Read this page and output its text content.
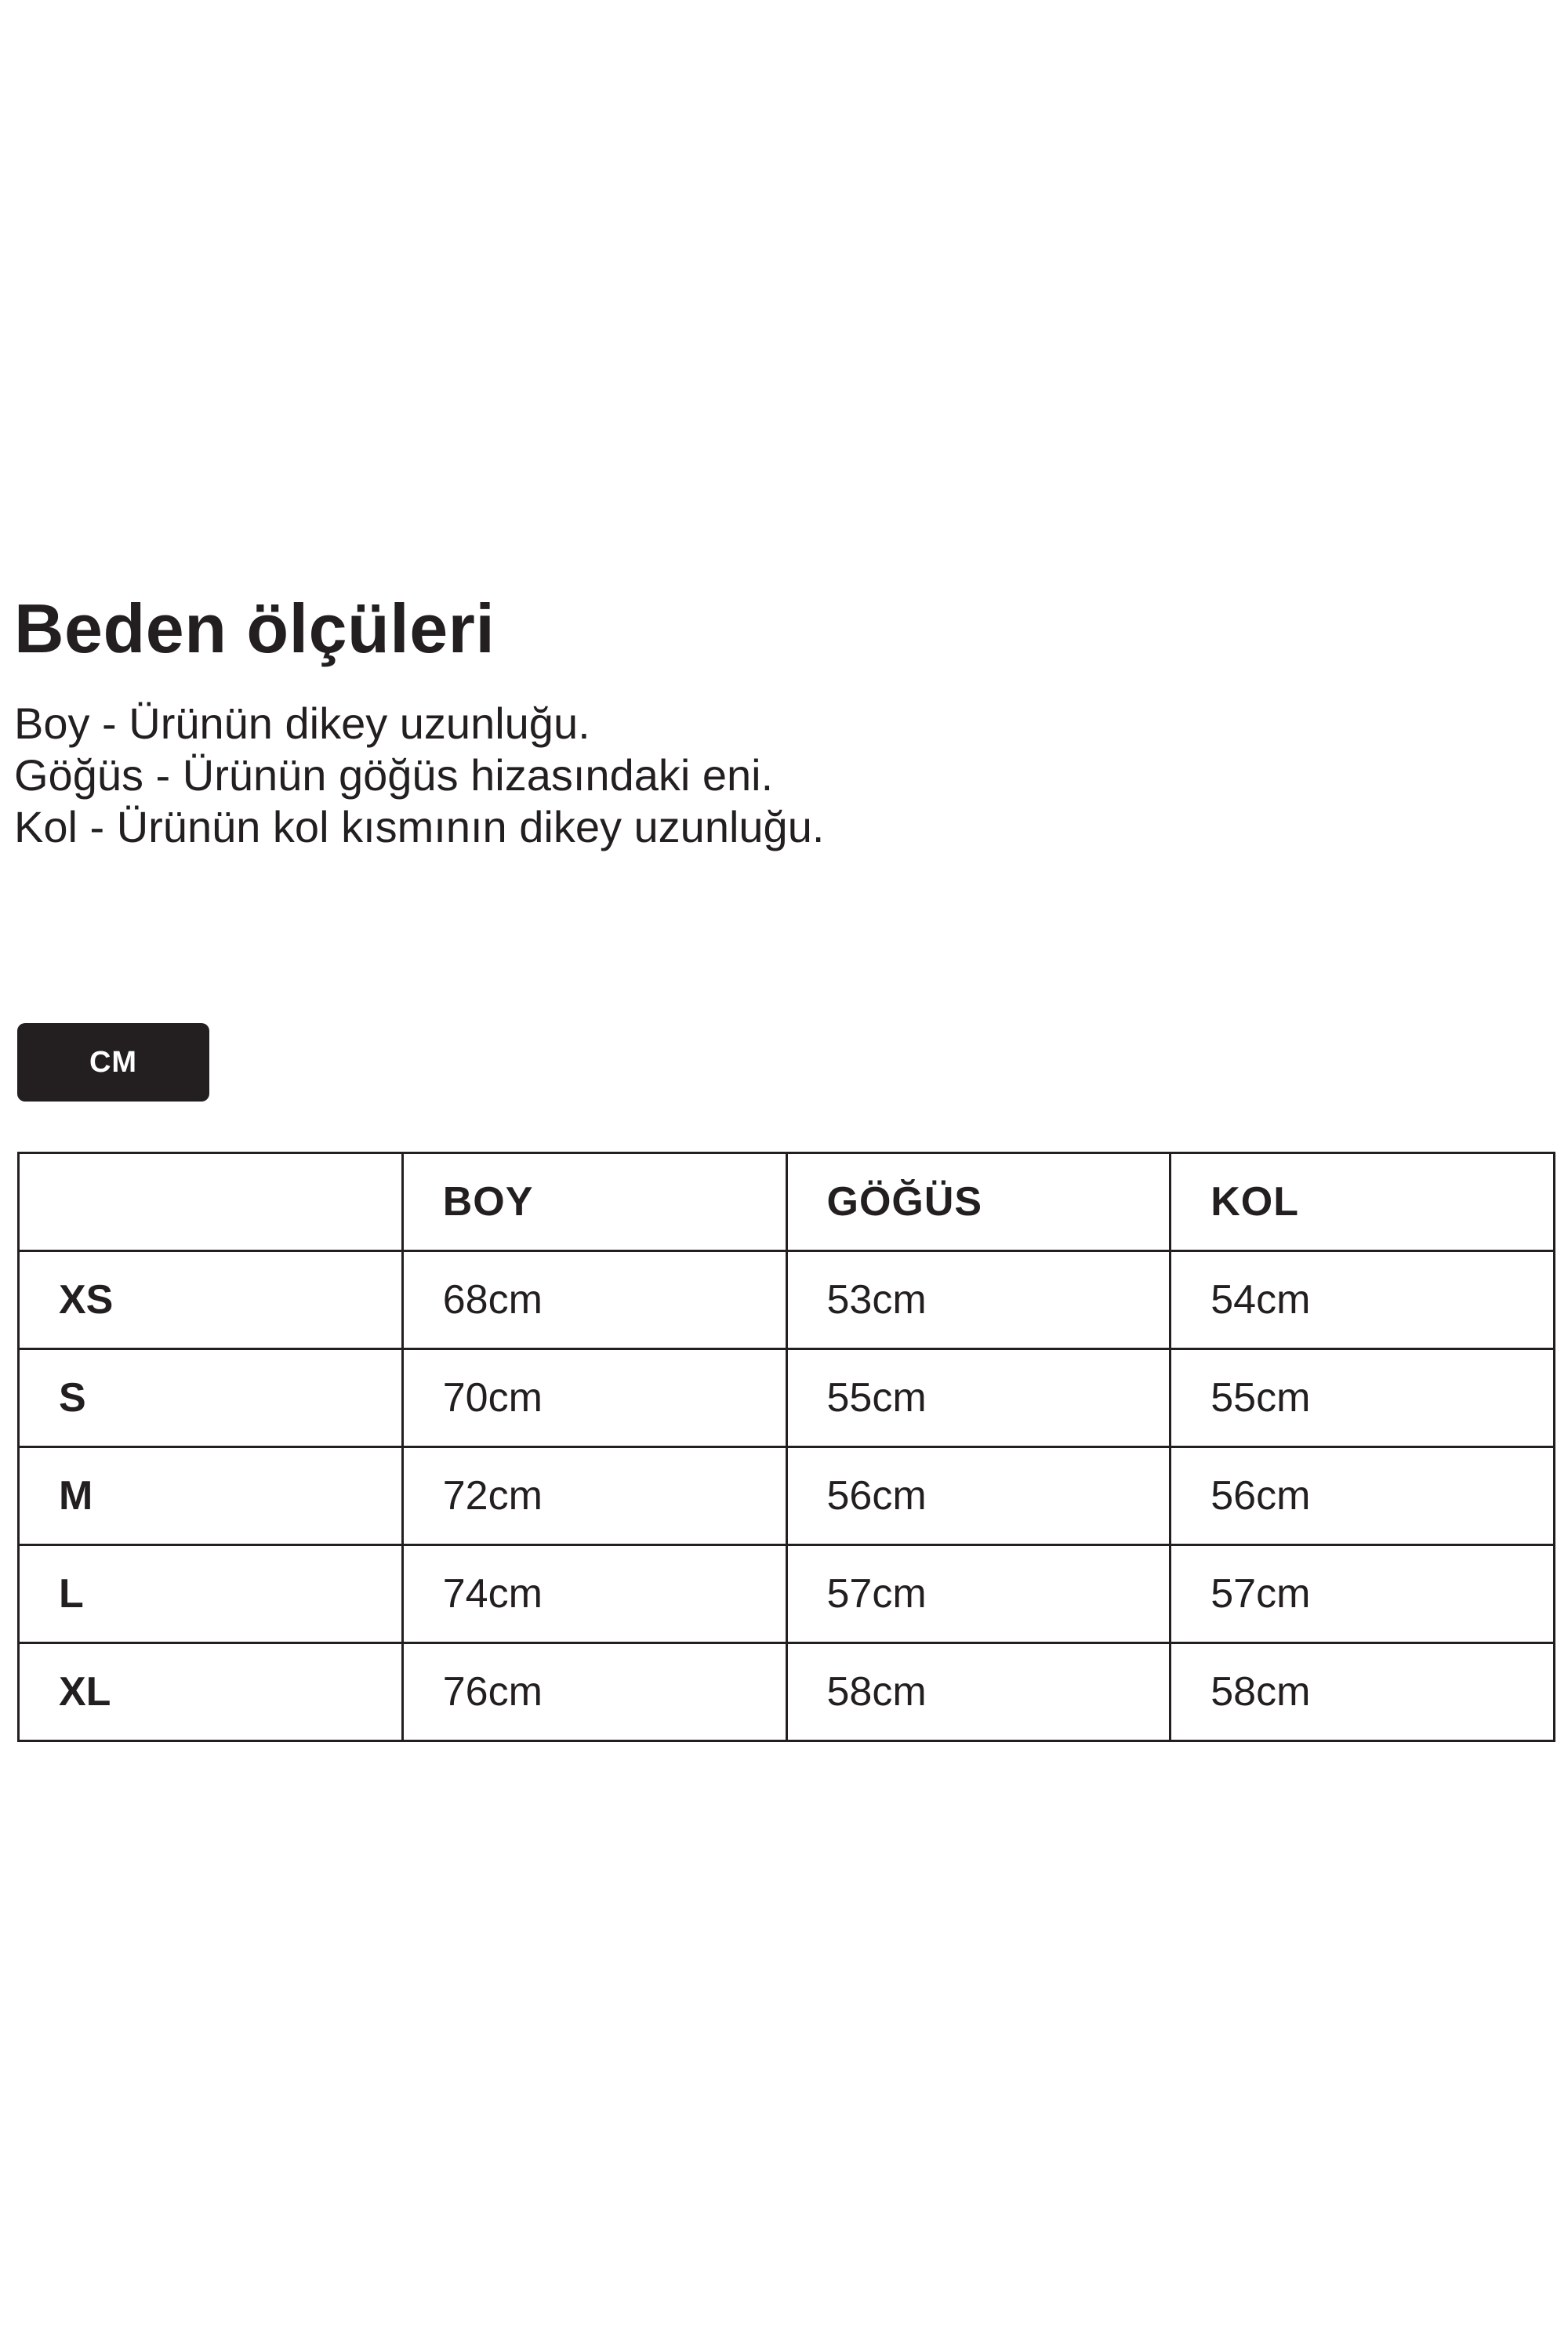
Beden ölçüleri
Boy - Ürünün dikey uzunluğu.
Göğüs - Ürünün göğüs hizasındaki eni.
Kol - Ürünün kol kısmının dikey uzunluğu.
CM
	BOY	GÖĞÜS	KOL
XS	68cm	53cm	54cm
S	70cm	55cm	55cm
M	72cm	56cm	56cm
L	74cm	57cm	57cm
XL	76cm	58cm	58cm
